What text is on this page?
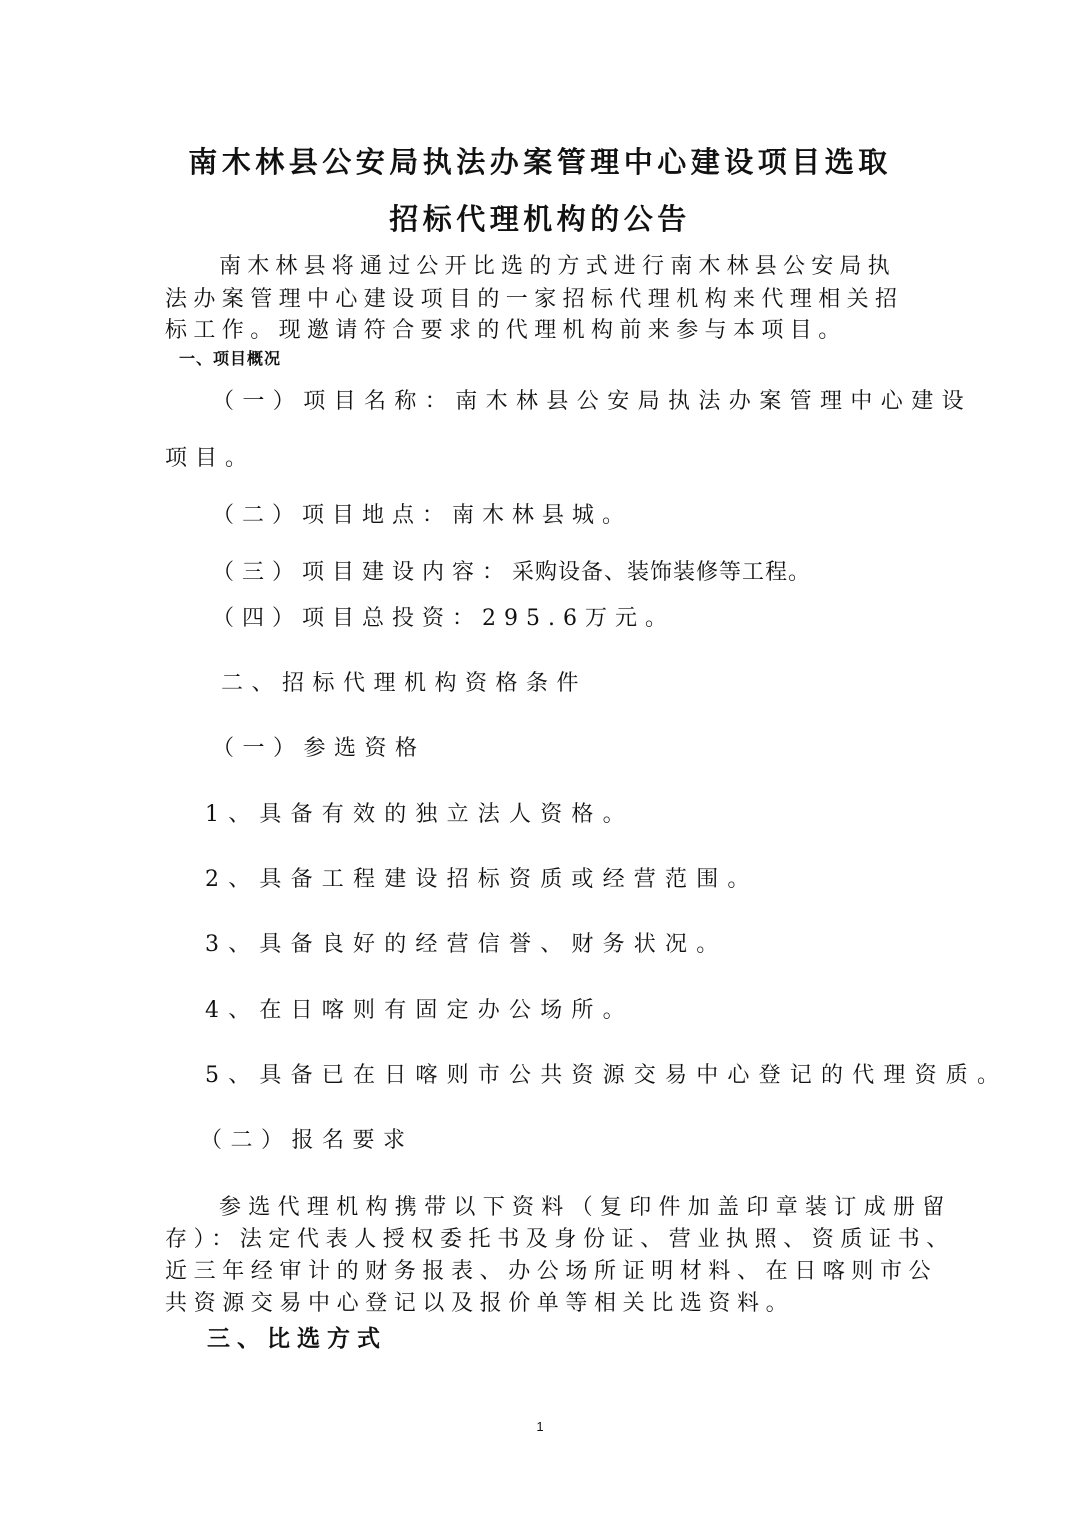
南木林县公安局执法办案管理中心建设项目选取

招标代理机构的公告

南木林县将通过公开比选的方式进行南木林县公安局执

法办案管理中心建设项目的一家招标代理机构来代理相关招

标工作。现邀请符合要求的代理机构前来参与本项目。

一、项目概况

（一）项目名称：南木林县公安局执法办案管理中心建设

项目。

（二）项目地点：南木林县城。

（三）项目建设内容：采购设备、装饰装修等工程。

（四）项目总投资：295.6万元。

二、招标代理机构资格条件

（一）参选资格

1、具备有效的独立法人资格。

2、具备工程建设招标资质或经营范围。

3、具备良好的经营信誉、财务状况。

4、在日喀则有固定办公场所。

5、具备已在日喀则市公共资源交易中心登记的代理资质。

（二）报名要求

参选代理机构携带以下资料（复印件加盖印章装订成册留

存）：法定代表人授权委托书及身份证、营业执照、资质证书、

近三年经审计的财务报表、办公场所证明材料、在日喀则市公

共资源交易中心登记以及报价单等相关比选资料。

三、比选方式

1
